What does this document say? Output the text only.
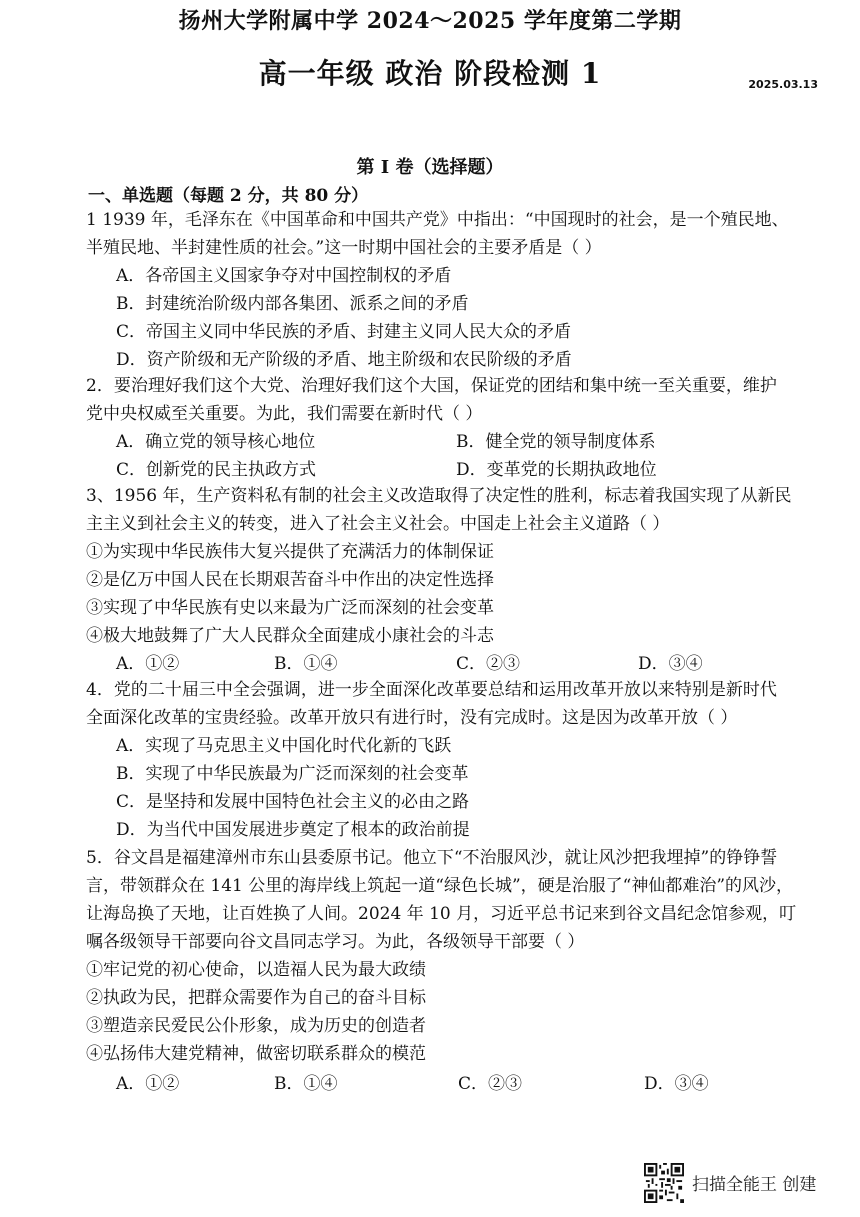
扬州大学附属中学 2024～2025 学年度第二学期
高一年级 政治 阶段检测 1	2025.03.13
第 I 卷（选择题）
一、单选题（每题 2 分，共 80 分）
1 1939 年，毛泽东在《中国革命和中国共产党》中指出：“中国现时的社会，是一个殖民地、
半殖民地、半封建性质的社会。”这一时期中国社会的主要矛盾是（ ）
A．各帝国主义国家争夺对中国控制权的矛盾
B．封建统治阶级内部各集团、派系之间的矛盾
C．帝国主义同中华民族的矛盾、封建主义同人民大众的矛盾
D．资产阶级和无产阶级的矛盾、地主阶级和农民阶级的矛盾
2．要治理好我们这个大党、治理好我们这个大国，保证党的团结和集中统一至关重要，维护
党中央权威至关重要。为此，我们需要在新时代（ ）
A．确立党的领导核心地位	B．健全党的领导制度体系
C．创新党的民主执政方式	D．变革党的长期执政地位
3、1956 年，生产资料私有制的社会主义改造取得了决定性的胜利，标志着我国实现了从新民
主主义到社会主义的转变，进入了社会主义社会。中国走上社会主义道路（ ）
①为实现中华民族伟大复兴提供了充满活力的体制保证
②是亿万中国人民在长期艰苦奋斗中作出的决定性选择
③实现了中华民族有史以来最为广泛而深刻的社会变革
④极大地鼓舞了广大人民群众全面建成小康社会的斗志
A．①②	B．①④	C．②③	D．③④
4．党的二十届三中全会强调，进一步全面深化改革要总结和运用改革开放以来特别是新时代
全面深化改革的宝贵经验。改革开放只有进行时，没有完成时。这是因为改革开放（ ）
A．实现了马克思主义中国化时代化新的飞跃
B．实现了中华民族最为广泛而深刻的社会变革
C．是坚持和发展中国特色社会主义的必由之路
D．为当代中国发展进步奠定了根本的政治前提
5．谷文昌是福建漳州市东山县委原书记。他立下“不治服风沙，就让风沙把我埋掉”的铮铮誓
言，带领群众在 141 公里的海岸线上筑起一道“绿色长城”，硬是治服了“神仙都难治”的风沙，
让海岛换了天地，让百姓换了人间。2024 年 10 月，习近平总书记来到谷文昌纪念馆参观，叮
嘱各级领导干部要向谷文昌同志学习。为此，各级领导干部要（ ）
①牢记党的初心使命，以造福人民为最大政绩
②执政为民，把群众需要作为自己的奋斗目标
③塑造亲民爱民公仆形象，成为历史的创造者
④弘扬伟大建党精神，做密切联系群众的模范
A．①②	B．①④	C．②③	D．③④
扫描全能王 创建
